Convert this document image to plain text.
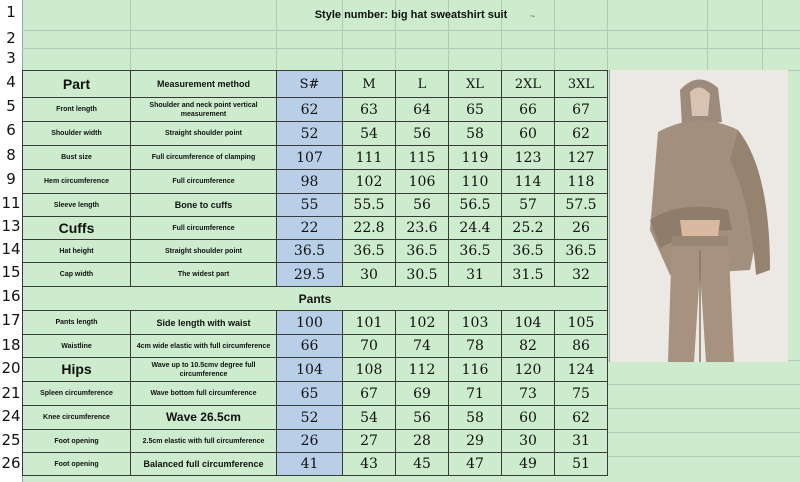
1
2
3
4
5
6
8
9
11
13
14
15
16
17
18
20
21
24
25
26
Style number: big hat sweatshirt suit	~
Part	Measurement method	S#	M	L	XL	2XL	3XL
Front length	Shoulder and neck point vertical measurement	62	63	64	65	66	67
Shoulder width	Straight shoulder point	52	54	56	58	60	62
Bust size	Full circumference of clamping	107	111	115	119	123	127
Hem circumference	Full circumference	98	102	106	110	114	118
Sleeve length	Bone to cuffs	55	55.5	56	56.5	57	57.5
Cuffs	Full circumference	22	22.8	23.6	24.4	25.2	26
Hat height	Straight shoulder point	36.5	36.5	36.5	36.5	36.5	36.5
Cap width	The widest part	29.5	30	30.5	31	31.5	32
Pants							
Pants length	Side length with waist	100	101	102	103	104	105
Waistline	4cm wide elastic with full circumference	66	70	74	78	82	86
Hips	Wave up to 10.5cmv degree full circumference	104	108	112	116	120	124
Spleen circumference	Wave bottom full circumference	65	67	69	71	73	75
Knee circumference	Wave 26.5cm	52	54	56	58	60	62
Foot opening	2.5cm elastic with full circumference	26	27	28	29	30	31
Foot opening	Balanced full circumference	41	43	45	47	49	51
